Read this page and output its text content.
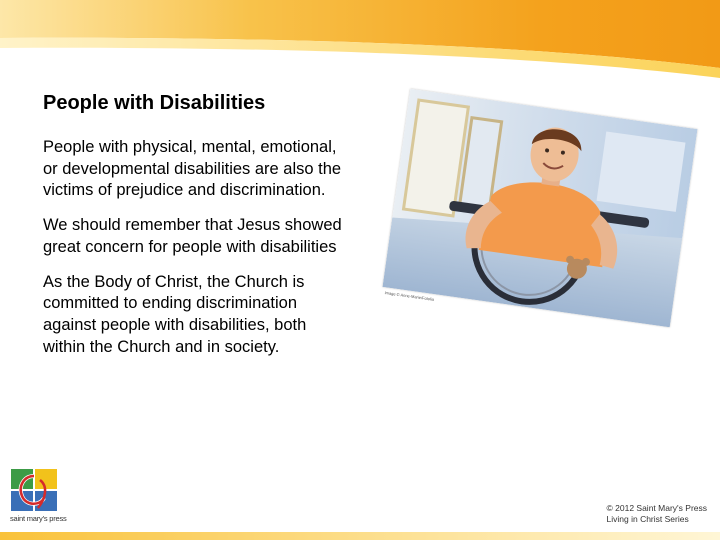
People with Disabilities

People with physical, mental, emotional, or developmental disabilities are also the victims of prejudice and discrimination.

We should remember that Jesus showed great concern for people with disabilities

As the Body of Christ, the Church is committed to ending discrimination against people with disabilities, both within the Church and in society.

Image © Anne-Marie/Fotolia
saint mary's press
© 2012 Saint Mary's Press
Living in Christ Series
